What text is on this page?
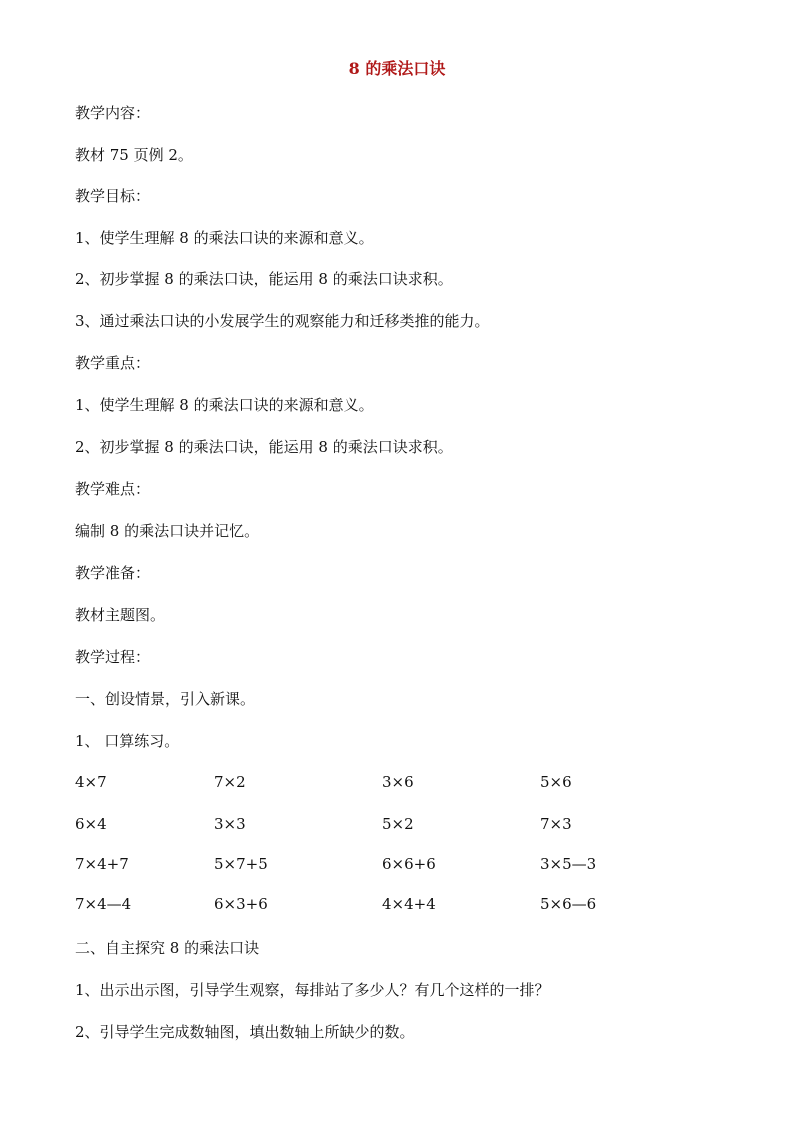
8 的乘法口诀

教学内容：

教材 75 页例 2。

教学目标：

1、使学生理解 8 的乘法口诀的来源和意义。

2、初步掌握 8 的乘法口诀，能运用 8 的乘法口诀求积。

3、通过乘法口诀的小发展学生的观察能力和迁移类推的能力。

教学重点：

1、使学生理解 8 的乘法口诀的来源和意义。

2、初步掌握 8 的乘法口诀，能运用 8 的乘法口诀求积。

教学难点：

编制 8 的乘法口诀并记忆。

教学准备：

教材主题图。

教学过程：

一、创设情景，引入新课。

1、 口算练习。

4×7	7×2	3×6	5×6
6×4	3×3	5×2	7×3
7×4+7	5×7+5	6×6+6	3×5—3
7×4—4	6×3+6	4×4+4	5×6—6

二、自主探究 8 的乘法口诀

1、出示出示图，引导学生观察，每排站了多少人？有几个这样的一排？

2、引导学生完成数轴图，填出数轴上所缺少的数。
